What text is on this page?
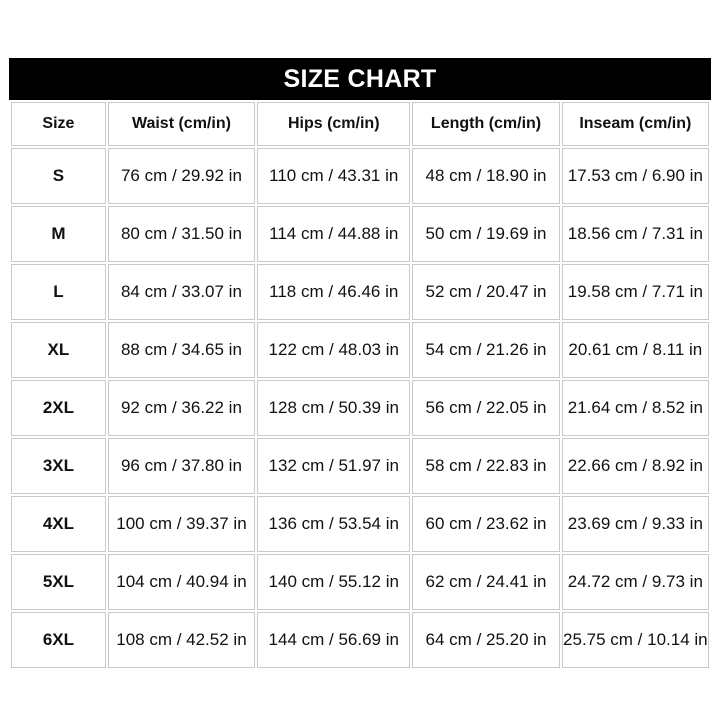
SIZE CHART
Size	Waist (cm/in)	Hips (cm/in)	Length (cm/in)	Inseam (cm/in)
S	76 cm / 29.92 in	110 cm / 43.31 in	48 cm / 18.90 in	17.53 cm / 6.90 in
M	80 cm / 31.50 in	114 cm / 44.88 in	50 cm / 19.69 in	18.56 cm / 7.31 in
L	84 cm / 33.07 in	118 cm / 46.46 in	52 cm / 20.47 in	19.58 cm / 7.71 in
XL	88 cm / 34.65 in	122 cm / 48.03 in	54 cm / 21.26 in	20.61 cm / 8.11 in
2XL	92 cm / 36.22 in	128 cm / 50.39 in	56 cm / 22.05 in	21.64 cm / 8.52 in
3XL	96 cm / 37.80 in	132 cm / 51.97 in	58 cm / 22.83 in	22.66 cm / 8.92 in
4XL	100 cm / 39.37 in	136 cm / 53.54 in	60 cm / 23.62 in	23.69 cm / 9.33 in
5XL	104 cm / 40.94 in	140 cm / 55.12 in	62 cm / 24.41 in	24.72 cm / 9.73 in
6XL	108 cm / 42.52 in	144 cm / 56.69 in	64 cm / 25.20 in	25.75 cm / 10.14 in
